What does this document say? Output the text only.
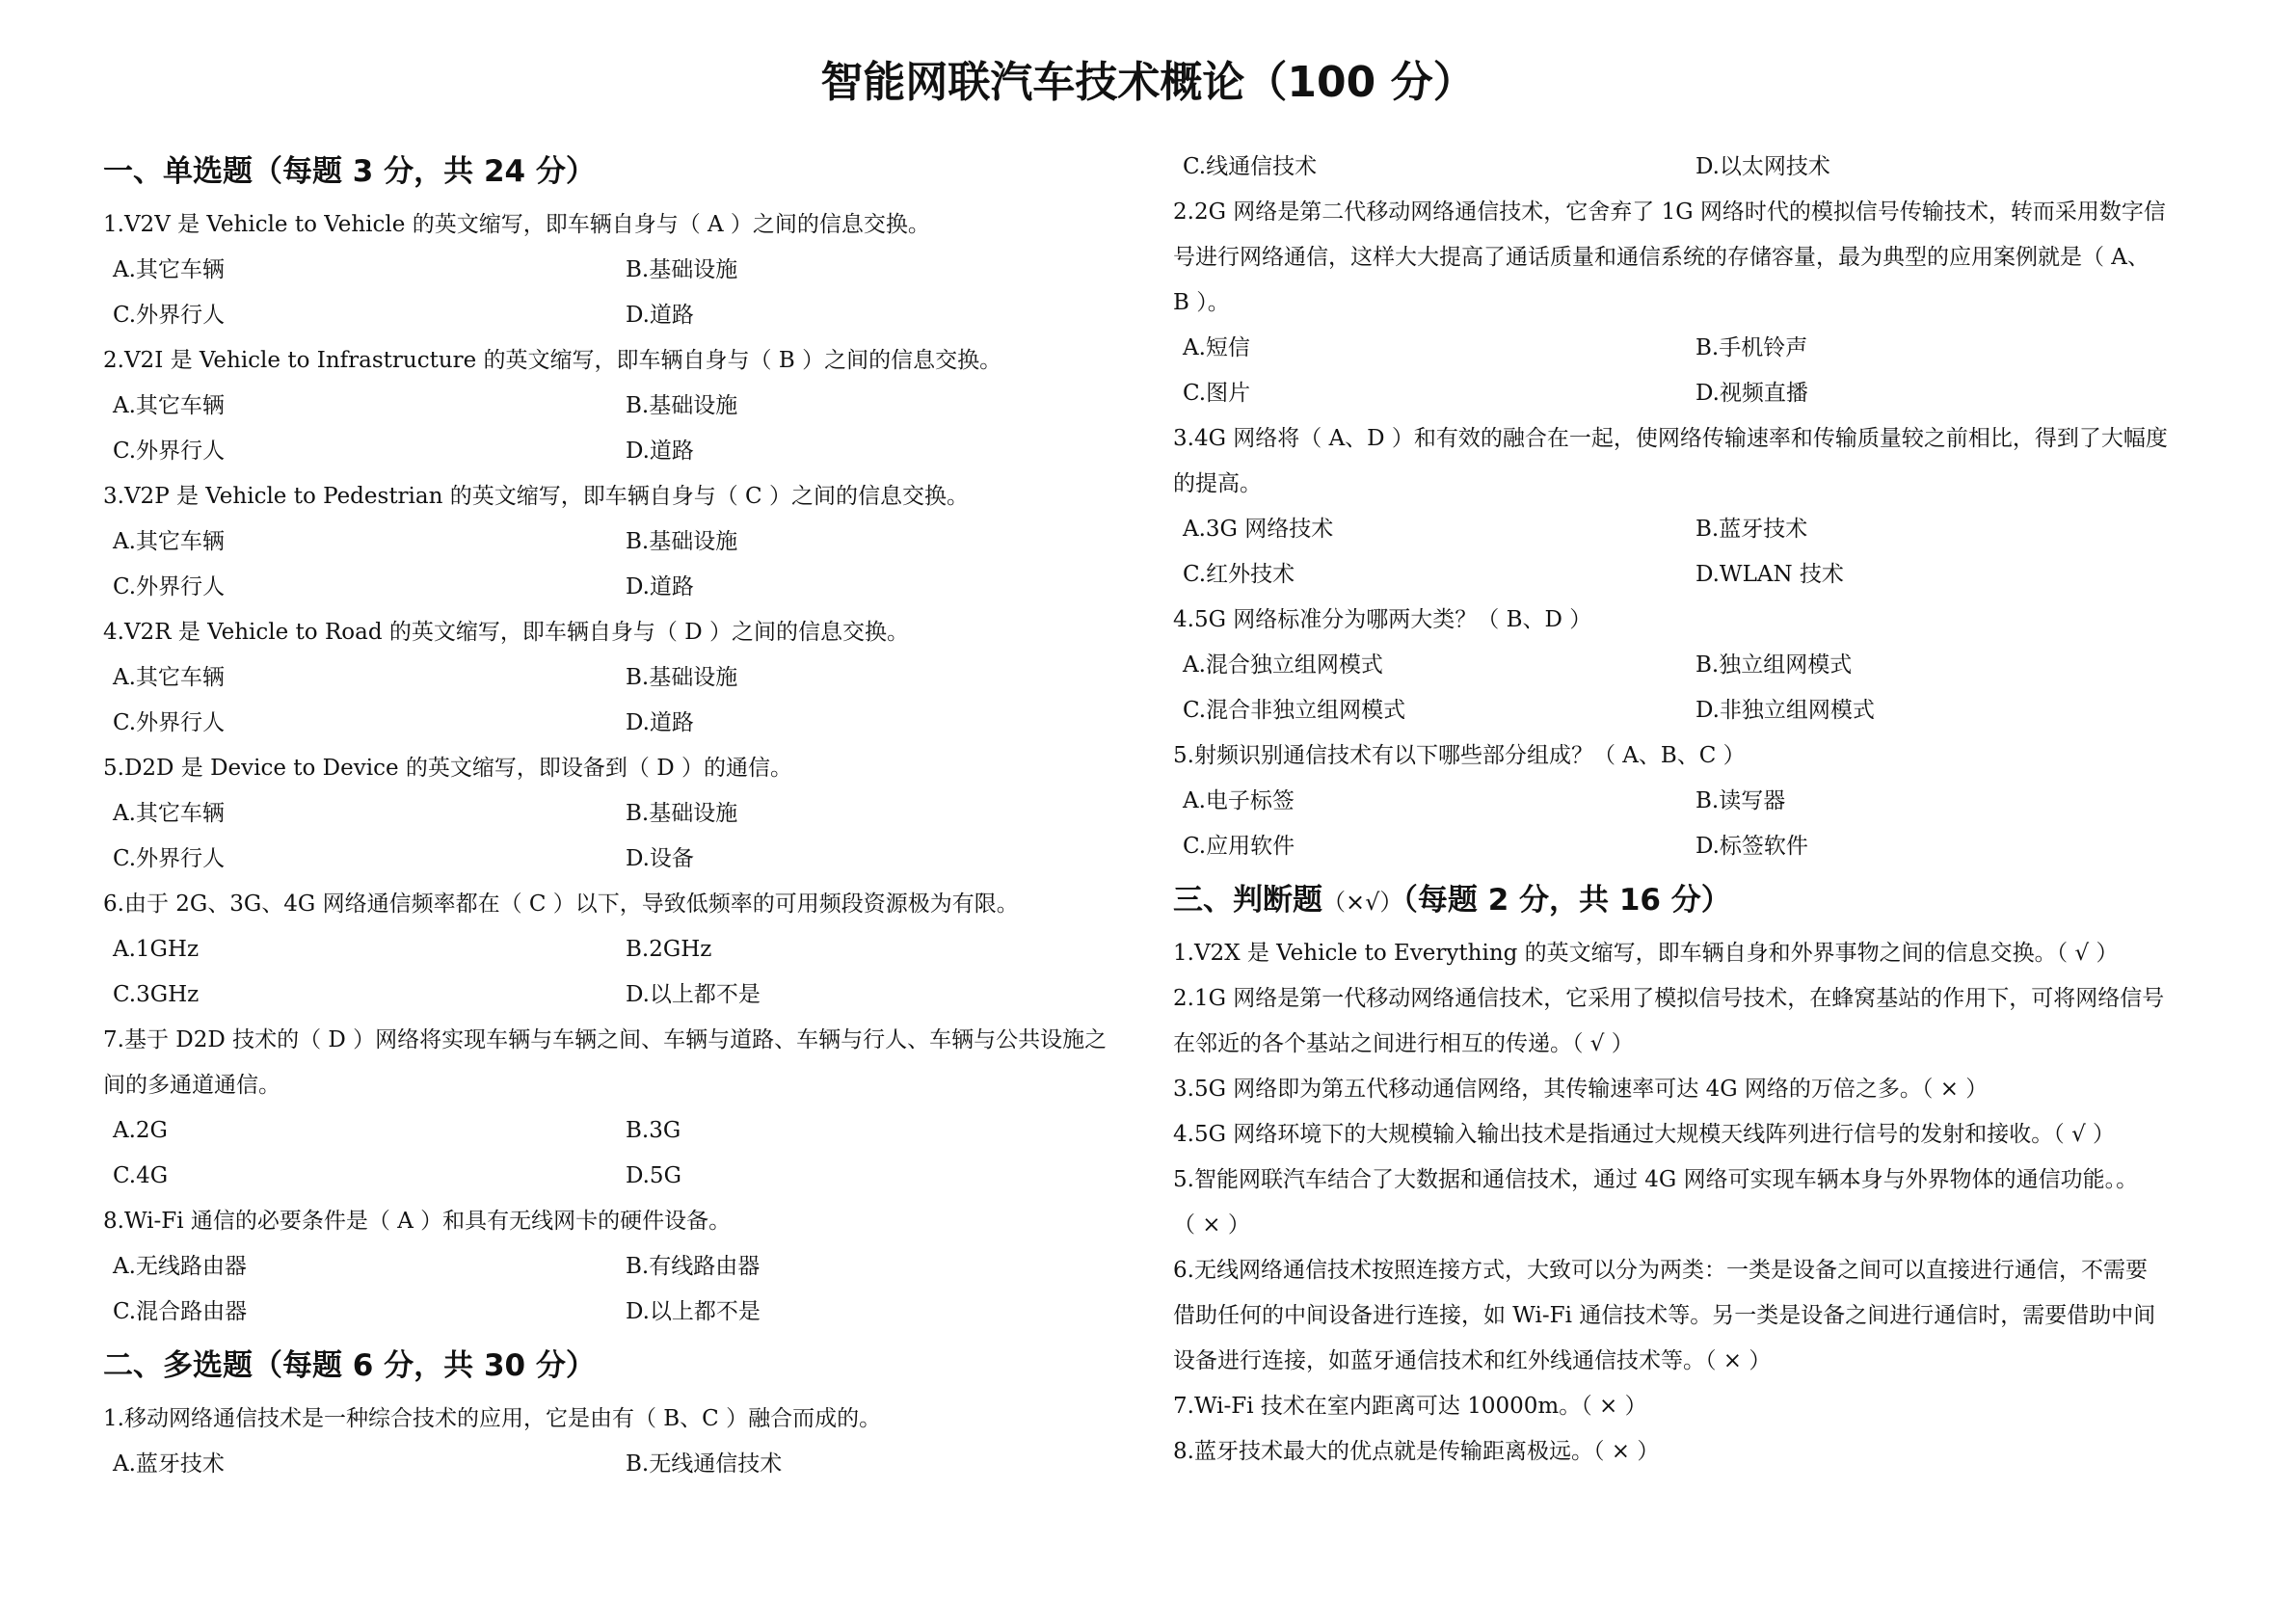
智能网联汽车技术概论（100 分）
一、单选题（每题 3 分，共 24 分）
1.V2V 是 Vehicle to Vehicle 的英文缩写，即车辆自身与（ A ）之间的信息交换。
A.其它车辆	B.基础设施
C.外界行人	D.道路
2.V2I 是 Vehicle to Infrastructure 的英文缩写，即车辆自身与（ B ）之间的信息交换。
A.其它车辆	B.基础设施
C.外界行人	D.道路
3.V2P 是 Vehicle to Pedestrian 的英文缩写，即车辆自身与（ C ）之间的信息交换。
A.其它车辆	B.基础设施
C.外界行人	D.道路
4.V2R 是 Vehicle to Road 的英文缩写，即车辆自身与（ D ）之间的信息交换。
A.其它车辆	B.基础设施
C.外界行人	D.道路
5.D2D 是 Device to Device 的英文缩写，即设备到（ D ）的通信。
A.其它车辆	B.基础设施
C.外界行人	D.设备
6.由于 2G、3G、4G 网络通信频率都在（ C ）以下，导致低频率的可用频段资源极为有限。
A.1GHz	B.2GHz
C.3GHz	D.以上都不是
7.基于 D2D 技术的（ D ）网络将实现车辆与车辆之间、车辆与道路、车辆与行人、车辆与公共设施之
间的多通道通信。
A.2G	B.3G
C.4G	D.5G
8.Wi-Fi 通信的必要条件是（ A ）和具有无线网卡的硬件设备。
A.无线路由器	B.有线路由器
C.混合路由器	D.以上都不是
二、多选题（每题 6 分，共 30 分）
1.移动网络通信技术是一种综合技术的应用，它是由有（ B、C ）融合而成的。
A.蓝牙技术	B.无线通信技术
C.线通信技术	D.以太网技术
2.2G 网络是第二代移动网络通信技术，它舍弃了 1G 网络时代的模拟信号传输技术，转而采用数字信
号进行网络通信，这样大大提高了通话质量和通信系统的存储容量，最为典型的应用案例就是（ A、
B ）。
A.短信	B.手机铃声
C.图片	D.视频直播
3.4G 网络将（ A、D ）和有效的融合在一起，使网络传输速率和传输质量较之前相比，得到了大幅度
的提高。
A.3G 网络技术	B.蓝牙技术
C.红外技术	D.WLAN 技术
4.5G 网络标准分为哪两大类？（ B、D ）
A.混合独立组网模式	B.独立组网模式
C.混合非独立组网模式	D.非独立组网模式
5.射频识别通信技术有以下哪些部分组成？（ A、B、C ）
A.电子标签	B.读写器
C.应用软件	D.标签软件
三、判断题（×√）（每题 2 分，共 16 分）
1.V2X 是 Vehicle to Everything 的英文缩写，即车辆自身和外界事物之间的信息交换。（ √ ）
2.1G 网络是第一代移动网络通信技术，它采用了模拟信号技术，在蜂窝基站的作用下，可将网络信号
在邻近的各个基站之间进行相互的传递。（ √ ）
3.5G 网络即为第五代移动通信网络，其传输速率可达 4G 网络的万倍之多。（ × ）
4.5G 网络环境下的大规模输入输出技术是指通过大规模天线阵列进行信号的发射和接收。（ √ ）
5.智能网联汽车结合了大数据和通信技术，通过 4G 网络可实现车辆本身与外界物体的通信功能。。
（ × ）
6.无线网络通信技术按照连接方式，大致可以分为两类：一类是设备之间可以直接进行通信，不需要
借助任何的中间设备进行连接，如 Wi-Fi 通信技术等。另一类是设备之间进行通信时，需要借助中间
设备进行连接，如蓝牙通信技术和红外线通信技术等。（ × ）
7.Wi-Fi 技术在室内距离可达 10000m。（ × ）
8.蓝牙技术最大的优点就是传输距离极远。（ × ）
